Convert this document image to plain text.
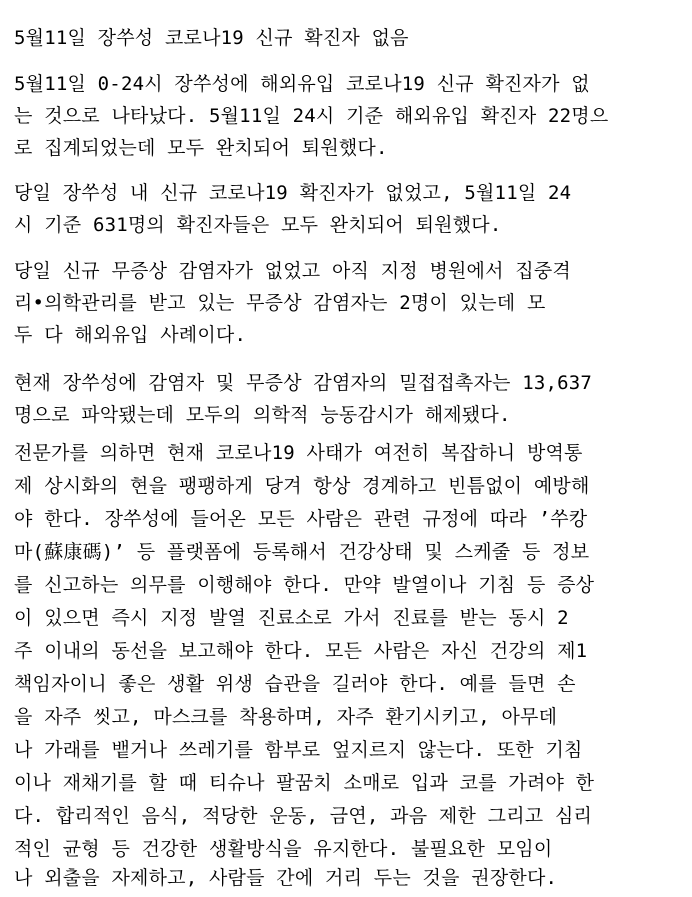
5월11일 장쑤성 코로나19 신규 확진자 없음
5월11일 0-24시 장쑤성에 해외유입 코로나19 신규 확진자가 없
는 것으로 나타났다. 5월11일 24시 기준 해외유입 확진자 22명으
로 집계되었는데 모두 완치되어 퇴원했다.
당일 장쑤성 내 신규 코로나19 확진자가 없었고, 5월11일 24
시 기준 631명의 확진자들은 모두 완치되어 퇴원했다.
당일 신규 무증상 감염자가 없었고 아직 지정 병원에서 집중격
리•의학관리를 받고 있는 무증상 감염자는 2명이 있는데 모
두 다 해외유입 사례이다.
현재 장쑤성에 감염자 및 무증상 감염자의 밀접접촉자는 13,637
명으로 파악됐는데 모두의 의학적 능동감시가 해제됐다.
전문가를 의하면 현재 코로나19 사태가 여전히 복잡하니 방역통
제 상시화의 현을 팽팽하게 당겨 항상 경계하고 빈틈없이 예방해
야 한다. 장쑤성에 들어온 모든 사람은 관련 규정에 따라 ’쑤캉
마(蘇康碼)’ 등 플랫폼에 등록해서 건강상태 및 스케줄 등 정보
를 신고하는 의무를 이행해야 한다. 만약 발열이나 기침 등 증상
이 있으면 즉시 지정 발열 진료소로 가서 진료를 받는 동시 2
주 이내의 동선을 보고해야 한다. 모든 사람은 자신 건강의 제1
책임자이니 좋은 생활 위생 습관을 길러야 한다. 예를 들면 손
을 자주 씻고, 마스크를 착용하며, 자주 환기시키고, 아무데
나 가래를 뱉거나 쓰레기를 함부로 엎지르지 않는다. 또한 기침
이나 재채기를 할 때 티슈나 팔꿈치 소매로 입과 코를 가려야 한
다. 합리적인 음식, 적당한 운동, 금연, 과음 제한 그리고 심리
적인 균형 등 건강한 생활방식을 유지한다. 불필요한 모임이
나 외출을 자제하고, 사람들 간에 거리 두는 것을 권장한다.
